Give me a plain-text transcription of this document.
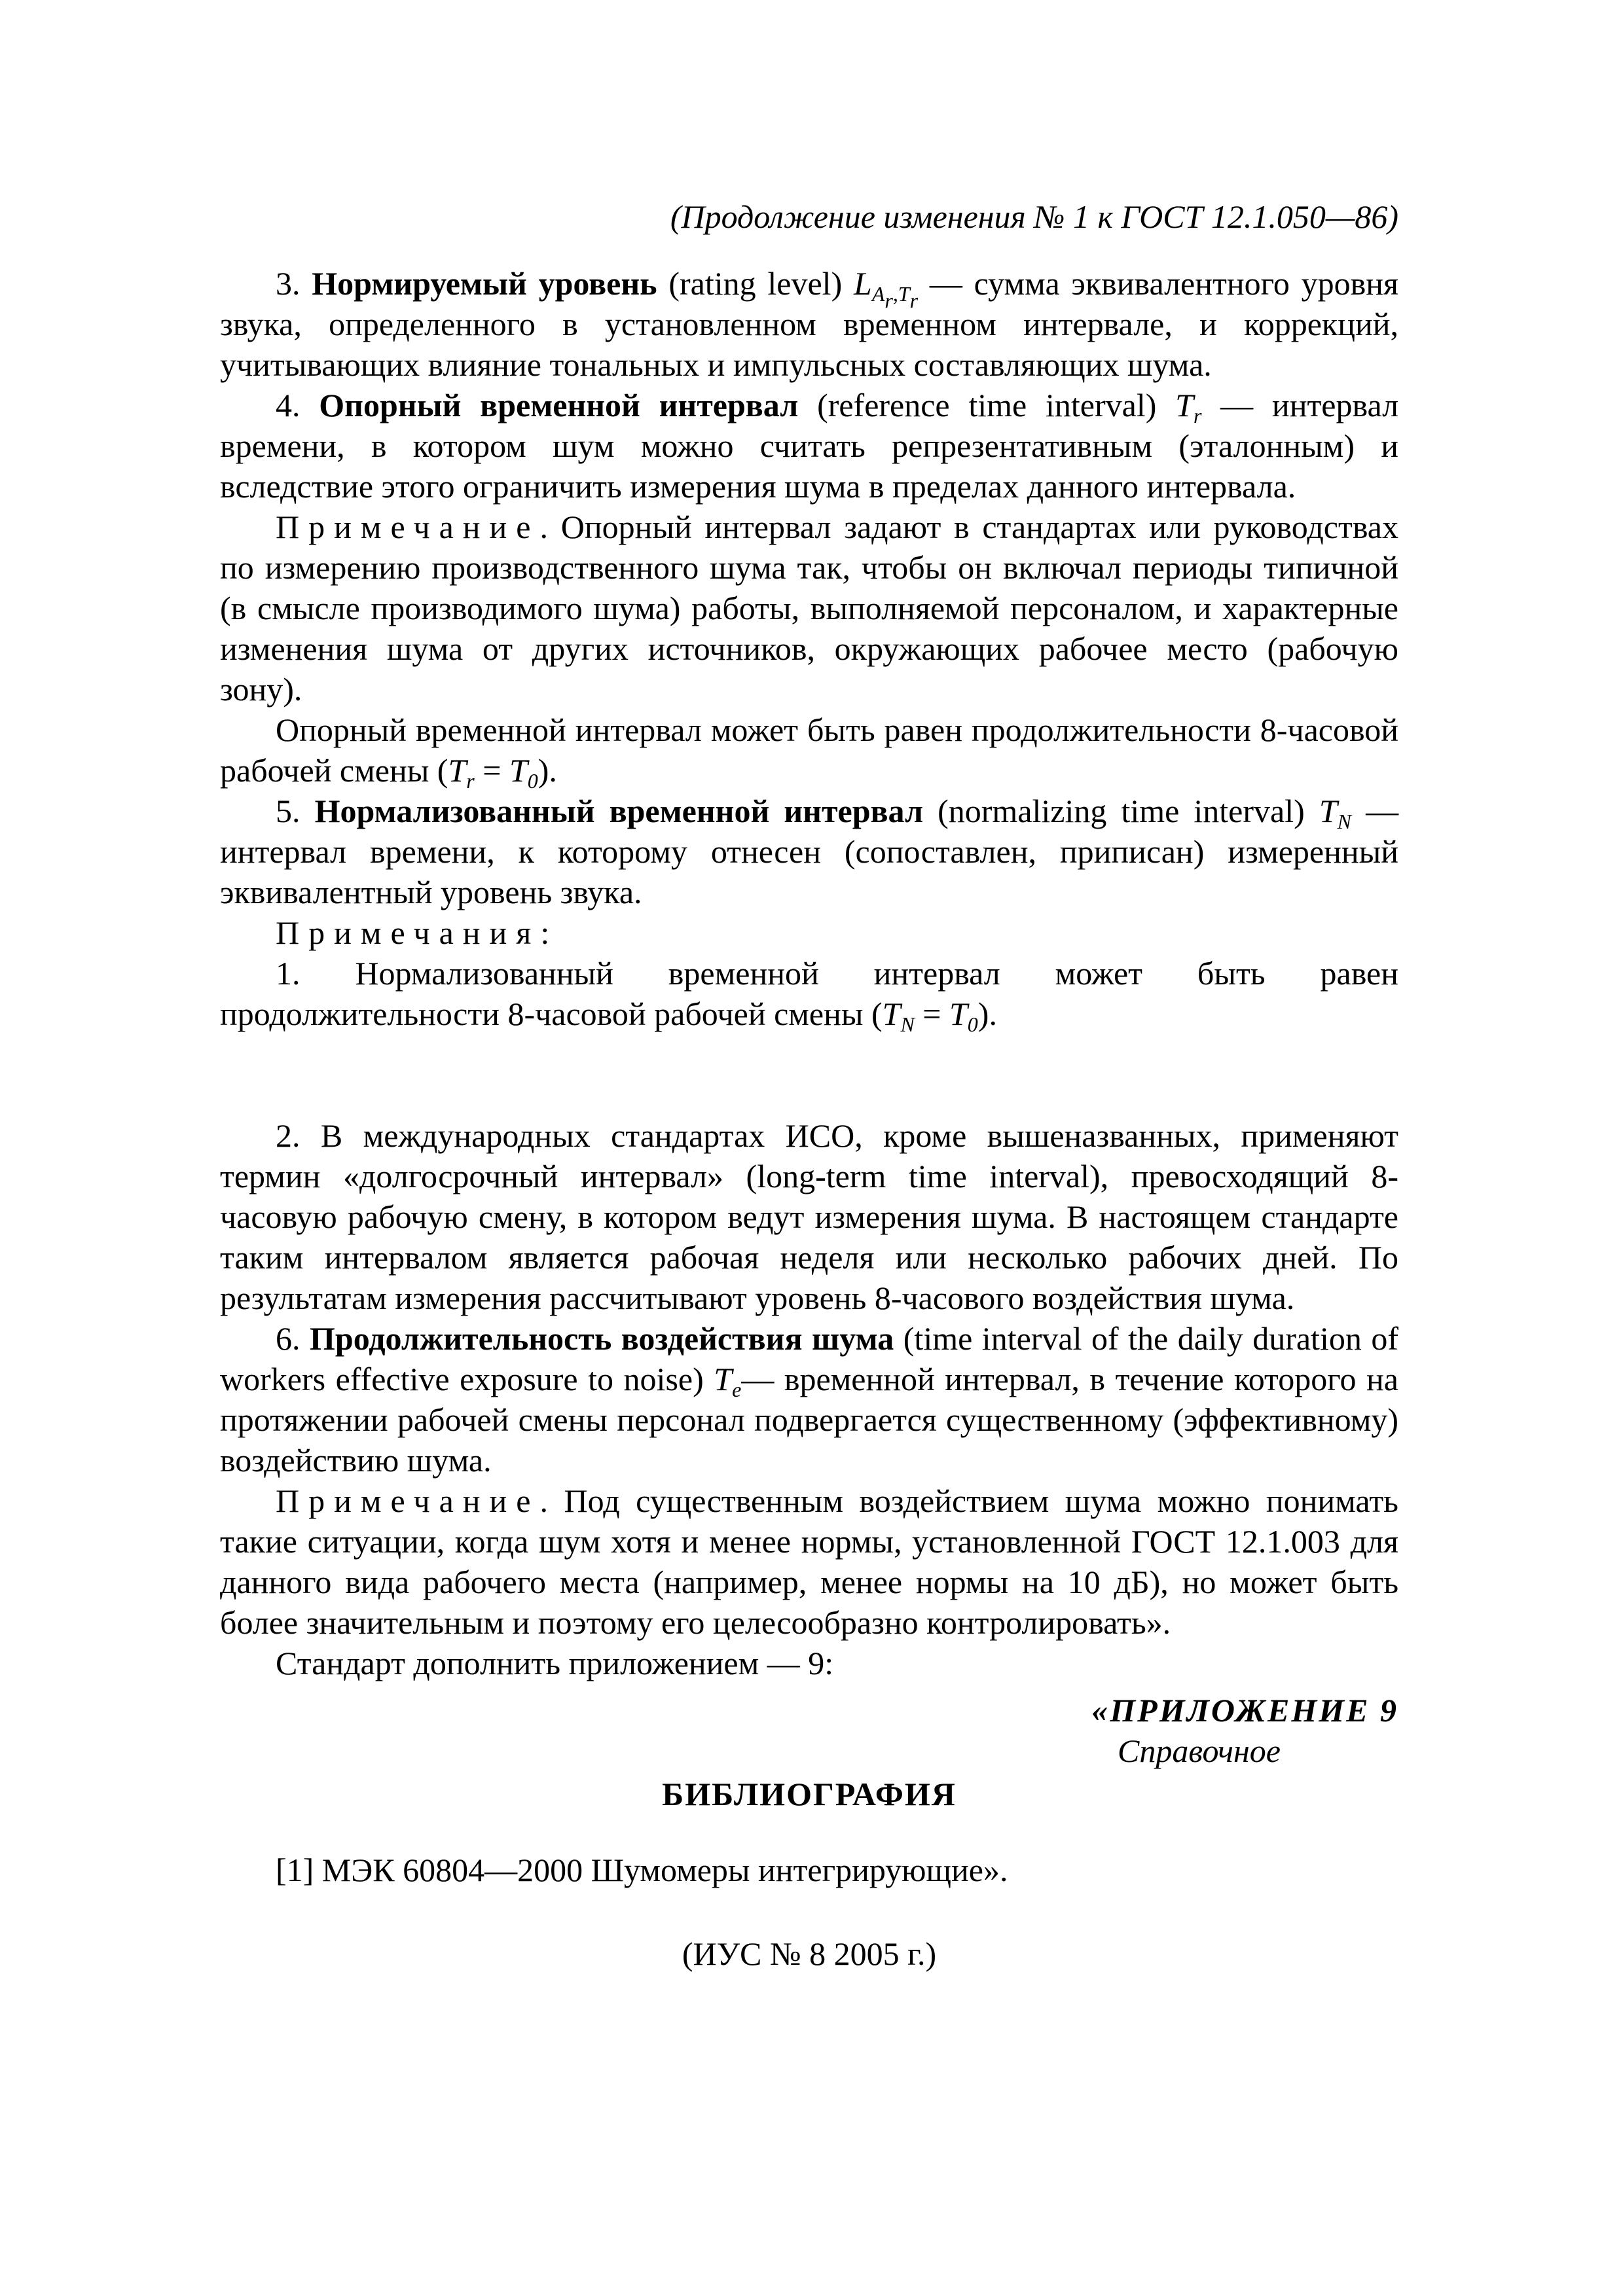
(Продолжение изменения № 1 к ГОСТ 12.1.050—86)

3. Нормируемый уровень (rating level) $L_{A_r,T_r}$ — сумма эквивалентного уровня звука, определенного в установленном временном интервале, и коррекций, учитывающих влияние тональных и импульсных составляющих шума.

4. Опорный временной интервал (reference time interval) $T_r$ — интервал времени, в котором шум можно считать репрезентативным (эталонным) и вследствие этого ограничить измерения шума в пределах данного интервала.

Примечание. Опорный интервал задают в стандартах или руководствах по измерению производственного шума так, чтобы он включал периоды типичной (в смысле производимого шума) работы, выполняемой персоналом, и характерные изменения шума от других источников, окружающих рабочее место (рабочую зону).

Опорный временной интервал может быть равен продолжительности 8-часовой рабочей смены $(T_r = T_0)$.

5. Нормализованный временной интервал (normalizing time interval) $T_N$ — интервал времени, к которому отнесен (сопоставлен, приписан) измеренный эквивалентный уровень звука.

Примечания:

1. Нормализованный временной интервал может быть равен продолжительности 8-часовой рабочей смены $(T_N = T_0)$.

2. В международных стандартах ИСО, кроме вышеназванных, применяют термин «долгосрочный интервал» (long-term time interval), превосходящий 8-часовую рабочую смену, в котором ведут измерения шума. В настоящем стандарте таким интервалом является рабочая неделя или несколько рабочих дней. По результатам измерения рассчитывают уровень 8-часового воздействия шума.

6. Продолжительность воздействия шума (time interval of the daily duration of workers effective exposure to noise) $T_e—$ временной интервал, в течение которого на протяжении рабочей смены персонал подвергается существенному (эффективному) воздействию шума.

Примечание. Под существенным воздействием шума можно понимать такие ситуации, когда шум хотя и менее нормы, установленной ГОСТ 12.1.003 для данного вида рабочего места (например, менее нормы на 10 дБ), но может быть более значительным и поэтому его целесообразно контролировать».

Стандарт дополнить приложением — 9:

«ПРИЛОЖЕНИЕ 9
Справочное
БИБЛИОГРАФИЯ
[1] МЭК 60804—2000 Шумомеры интегрирующие».
(ИУС № 8 2005 г.)
